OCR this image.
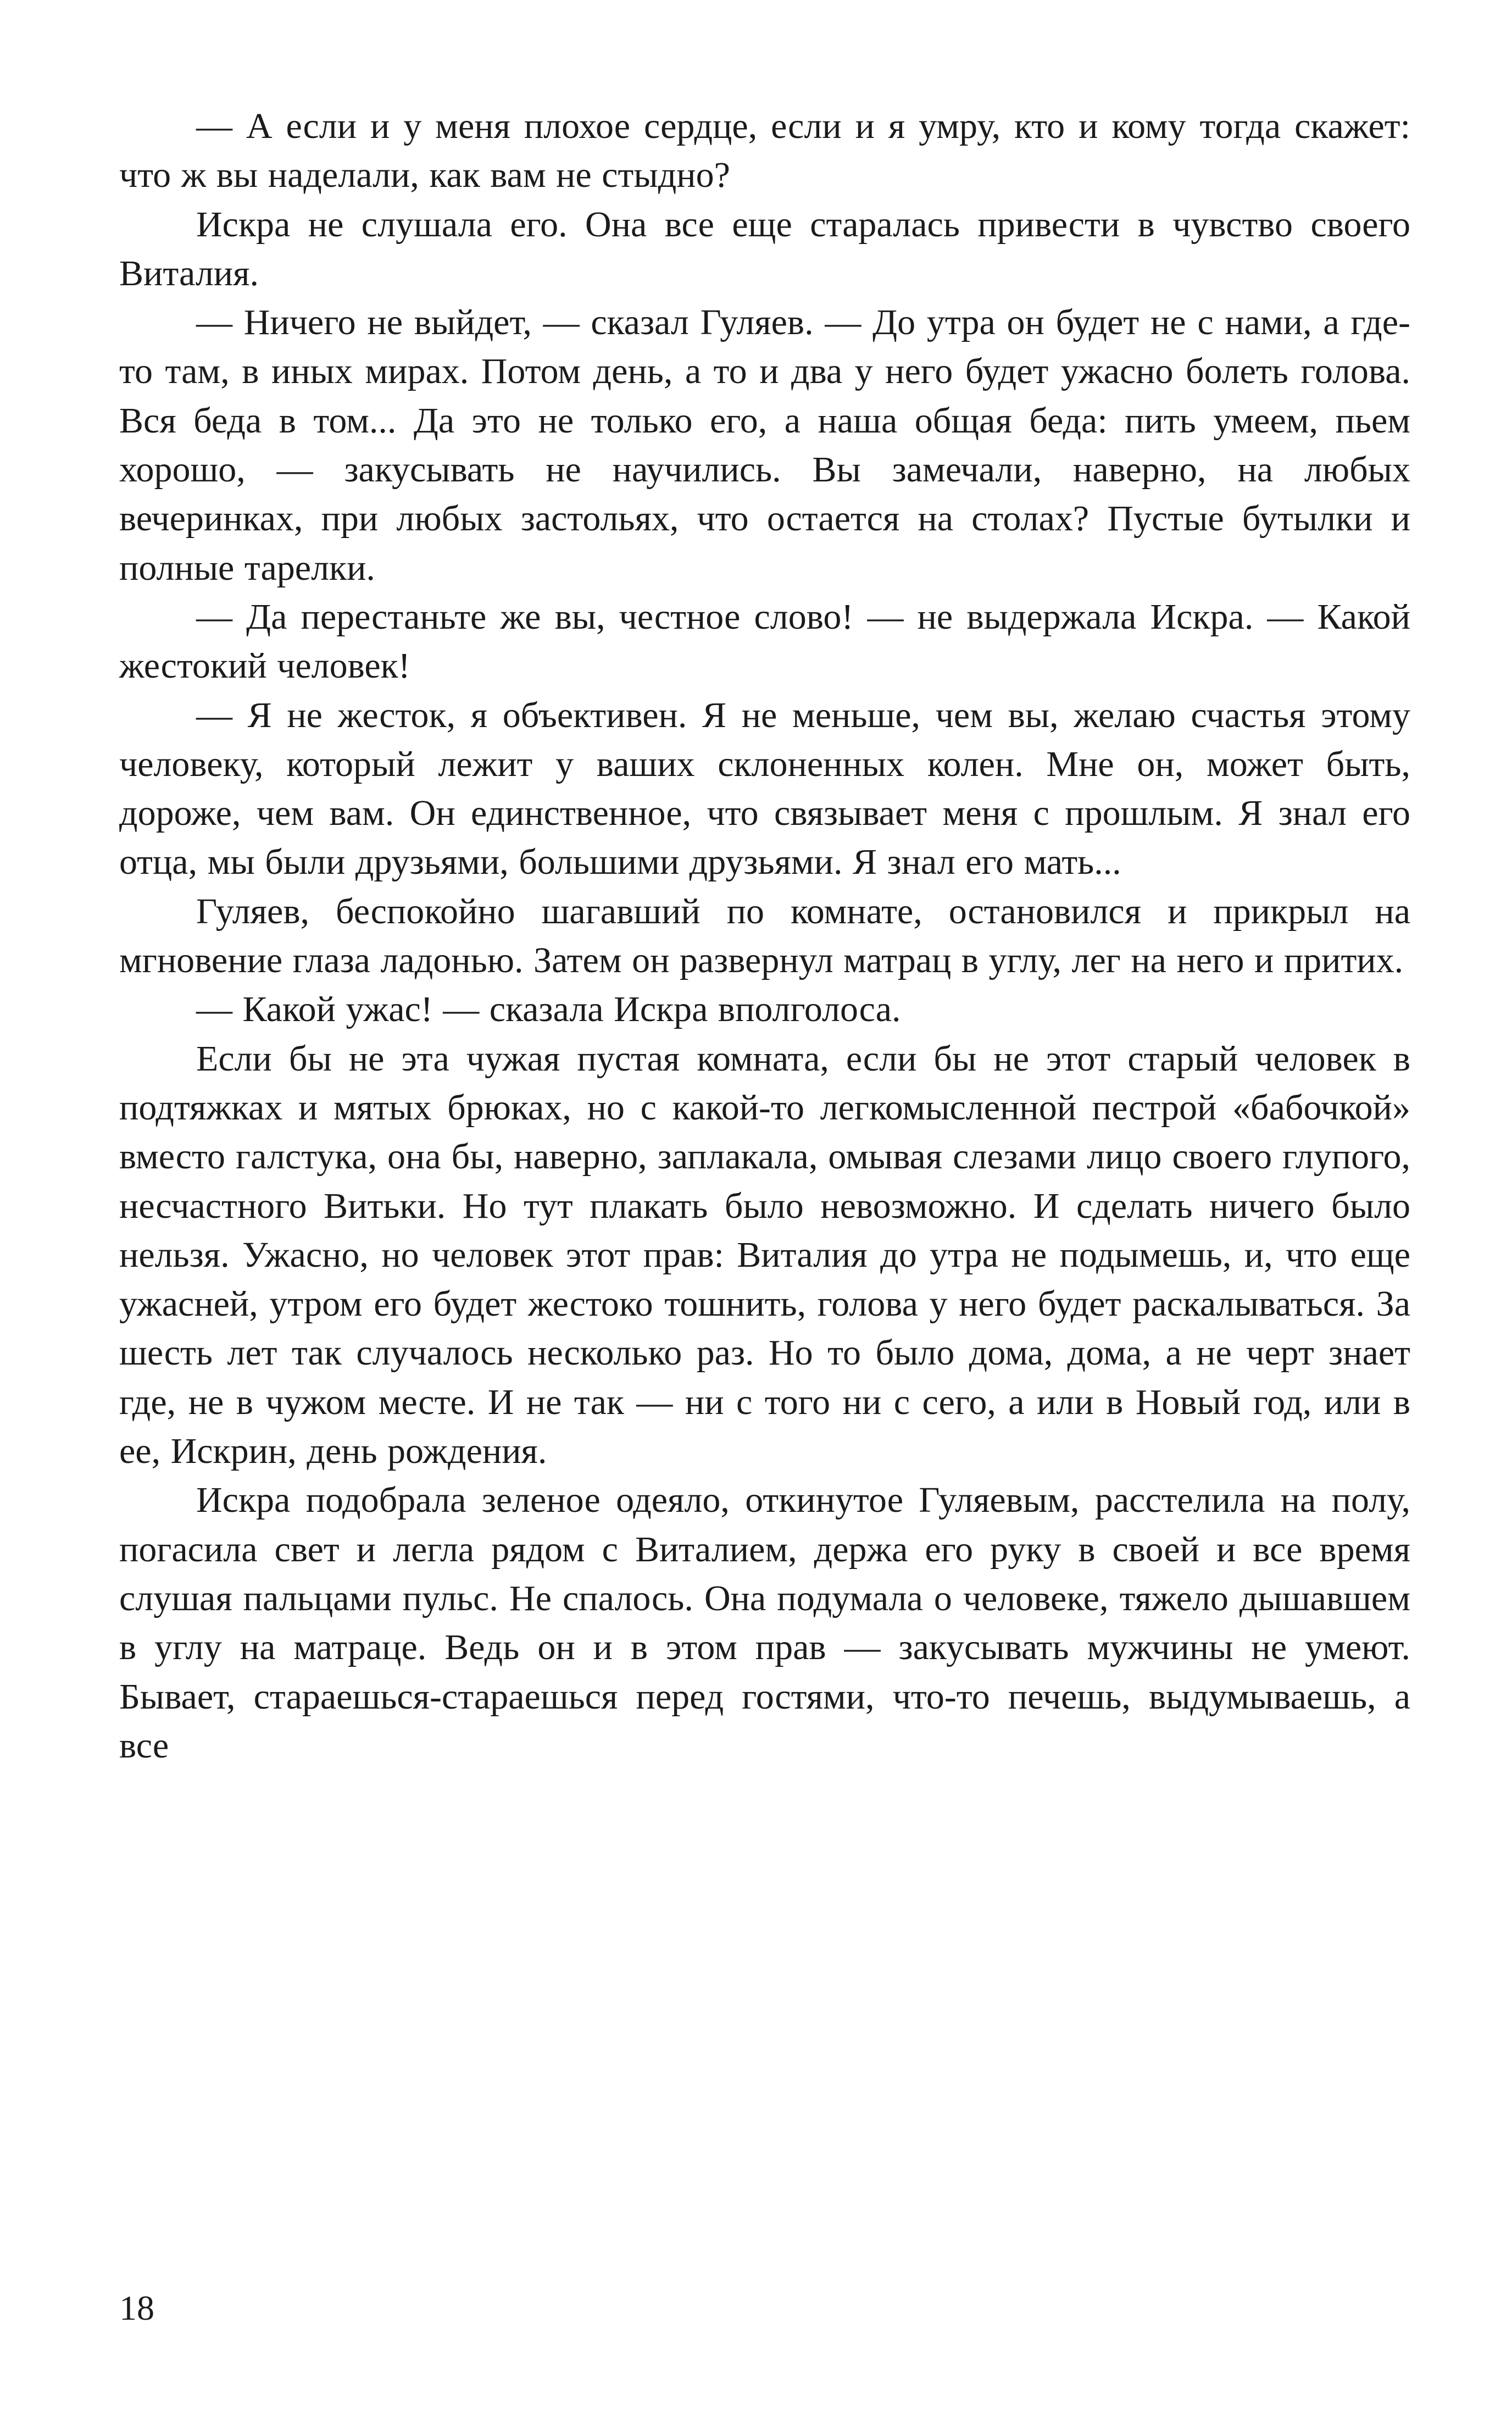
— А если и у меня плохое сердце, если и я умру, кто и кому тогда скажет: что ж вы наделали, как вам не стыдно?

Искра не слушала его. Она все еще старалась привести в чувство своего Виталия.

— Ничего не выйдет, — сказал Гуляев. — До утра он будет не с нами, а где-то там, в иных мирах. Потом день, а то и два у него будет ужасно болеть голова. Вся беда в том... Да это не только его, а наша общая беда: пить умеем, пьем хорошо, — закусывать не научились. Вы замечали, наверно, на любых вечеринках, при любых застольях, что остается на столах? Пустые бутылки и полные тарелки.

— Да перестаньте же вы, честное слово! — не выдержала Искра. — Какой жестокий человек!

— Я не жесток, я объективен. Я не меньше, чем вы, желаю счастья этому человеку, который лежит у ваших склоненных колен. Мне он, может быть, дороже, чем вам. Он единственное, что связывает меня с прошлым. Я знал его отца, мы были друзьями, большими друзьями. Я знал его мать...

Гуляев, беспокойно шагавший по комнате, остановился и прикрыл на мгновение глаза ладонью. Затем он развернул матрац в углу, лег на него и притих.

— Какой ужас! — сказала Искра вполголоса.

Если бы не эта чужая пустая комната, если бы не этот старый человек в подтяжках и мятых брюках, но с какой-то легкомысленной пестрой «бабочкой» вместо галстука, она бы, наверно, заплакала, омывая слезами лицо своего глупого, несчастного Витьки. Но тут плакать было невозможно. И сделать ничего было нельзя. Ужасно, но человек этот прав: Виталия до утра не подымешь, и, что еще ужасней, утром его будет жестоко тошнить, голова у него будет раскалываться. За шесть лет так случалось несколько раз. Но то было дома, дома, а не черт знает где, не в чужом месте. И не так — ни с того ни с сего, а или в Новый год, или в ее, Искрин, день рождения.

Искра подобрала зеленое одеяло, откинутое Гуляевым, расстелила на полу, погасила свет и легла рядом с Виталием, держа его руку в своей и все время слушая пальцами пульс. Не спалось. Она подумала о человеке, тяжело дышавшем в углу на матраце. Ведь он и в этом прав — закусывать мужчины не умеют. Бывает, стараешься-стараешься перед гостями, что-то печешь, выдумываешь, а все

18
